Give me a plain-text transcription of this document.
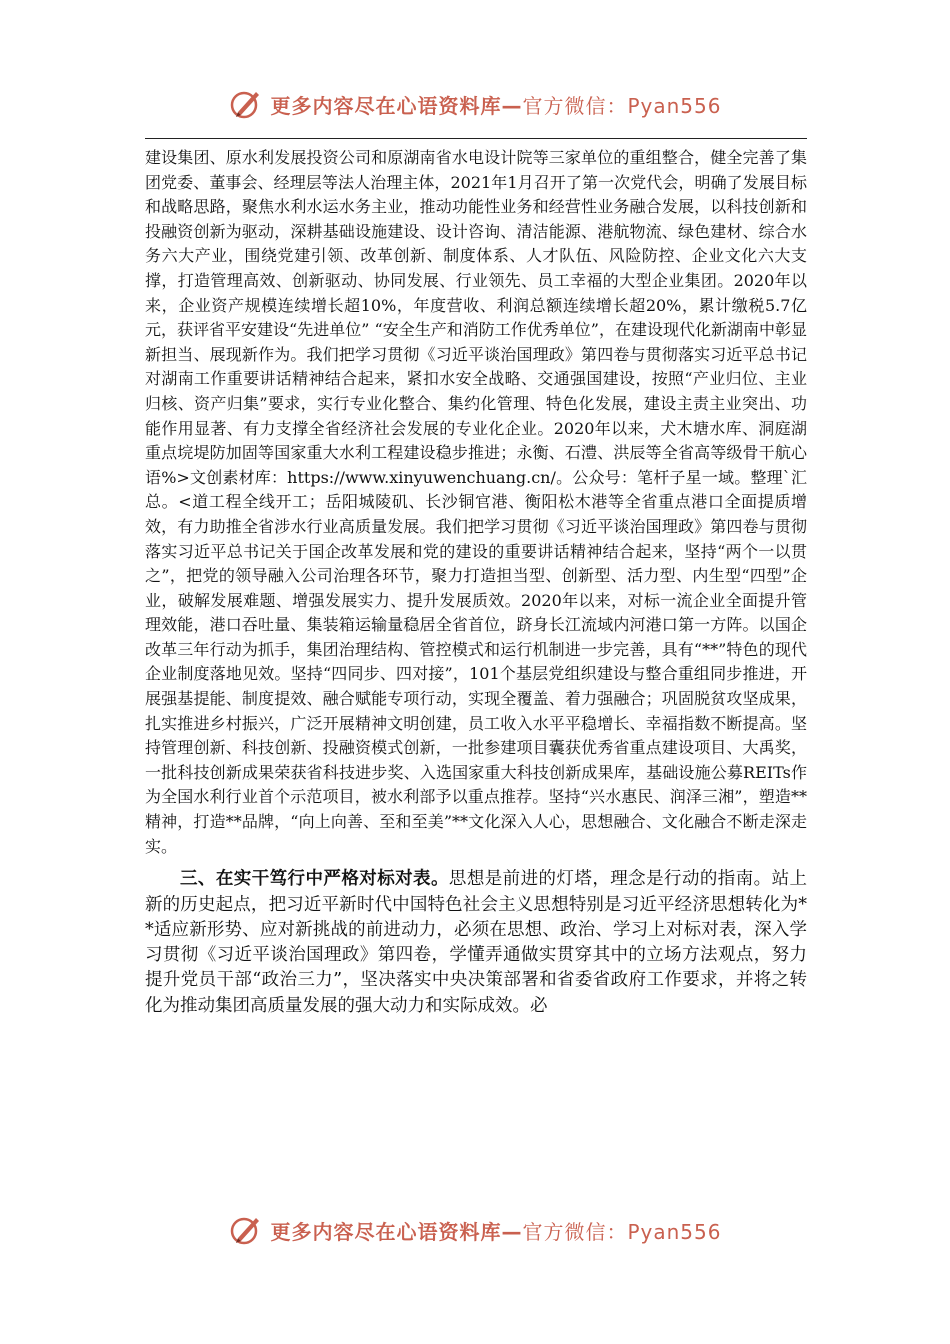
更多内容尽在心语资料库—官方微信：Pyan556

建设集团、原水利发展投资公司和原湖南省水电设计院等三家单位的重组整合，健全完善了集团党委、董事会、经理层等法人治理主体，2021年1月召开了第一次党代会，明确了发展目标和战略思路，聚焦水利水运水务主业，推动功能性业务和经营性业务融合发展，以科技创新和投融资创新为驱动，深耕基础设施建设、设计咨询、清洁能源、港航物流、绿色建材、综合水务六大产业，围绕党建引领、改革创新、制度体系、人才队伍、风险防控、企业文化六大支撑，打造管理高效、创新驱动、协同发展、行业领先、员工幸福的大型企业集团。2020年以来，企业资产规模连续增长超10%，年度营收、利润总额连续增长超20%，累计缴税5.7亿元，获评省平安建设“先进单位” “安全生产和消防工作优秀单位”，在建设现代化新湖南中彰显新担当、展现新作为。我们把学习贯彻《习近平谈治国理政》第四卷与贯彻落实习近平总书记对湖南工作重要讲话精神结合起来，紧扣水安全战略、交通强国建设，按照“产业归位、主业归核、资产归集”要求，实行专业化整合、集约化管理、特色化发展，建设主责主业突出、功能作用显著、有力支撑全省经济社会发展的专业化企业。2020年以来，犬木塘水库、洞庭湖重点垸堤防加固等国家重大水利工程建设稳步推进；永衡、石澧、洪辰等全省高等级骨干航心语%>文创素材库：https://www.xinyuwenchuang.cn/。公众号：笔杆子星一域。整理`汇总。<道工程全线开工；岳阳城陵矶、长沙铜官港、衡阳松木港等全省重点港口全面提质增效，有力助推全省涉水行业高质量发展。我们把学习贯彻《习近平谈治国理政》第四卷与贯彻落实习近平总书记关于国企改革发展和党的建设的重要讲话精神结合起来，坚持“两个一以贯之”，把党的领导融入公司治理各环节，聚力打造担当型、创新型、活力型、内生型“四型”企业，破解发展难题、增强发展实力、提升发展质效。2020年以来，对标一流企业全面提升管理效能，港口吞吐量、集装箱运输量稳居全省首位，跻身长江流域内河港口第一方阵。以国企改革三年行动为抓手，集团治理结构、管控模式和运行机制进一步完善，具有“**”特色的现代企业制度落地见效。坚持“四同步、四对接”，101个基层党组织建设与整合重组同步推进，开展强基提能、制度提效、融合赋能专项行动，实现全覆盖、着力强融合；巩固脱贫攻坚成果，扎实推进乡村振兴，广泛开展精神文明创建，员工收入水平平稳增长、幸福指数不断提高。坚持管理创新、科技创新、投融资模式创新，一批参建项目囊获优秀省重点建设项目、大禹奖，一批科技创新成果荣获省科技进步奖、入选国家重大科技创新成果库，基础设施公募REITs作为全国水利行业首个示范项目，被水利部予以重点推荐。坚持“兴水惠民、润泽三湘”，塑造**精神，打造**品牌，“向上向善、至和至美”**文化深入人心，思想融合、文化融合不断走深走实。

三、在实干笃行中严格对标对表。思想是前进的灯塔，理念是行动的指南。站上新的历史起点，把习近平新时代中国特色社会主义思想特别是习近平经济思想转化为**适应新形势、应对新挑战的前进动力，必须在思想、政治、学习上对标对表，深入学习贯彻《习近平谈治国理政》第四卷，学懂弄通做实贯穿其中的立场方法观点，努力提升党员干部“政治三力”，坚决落实中央决策部署和省委省政府工作要求，并将之转化为推动集团高质量发展的强大动力和实际成效。必

更多内容尽在心语资料库—官方微信：Pyan556
